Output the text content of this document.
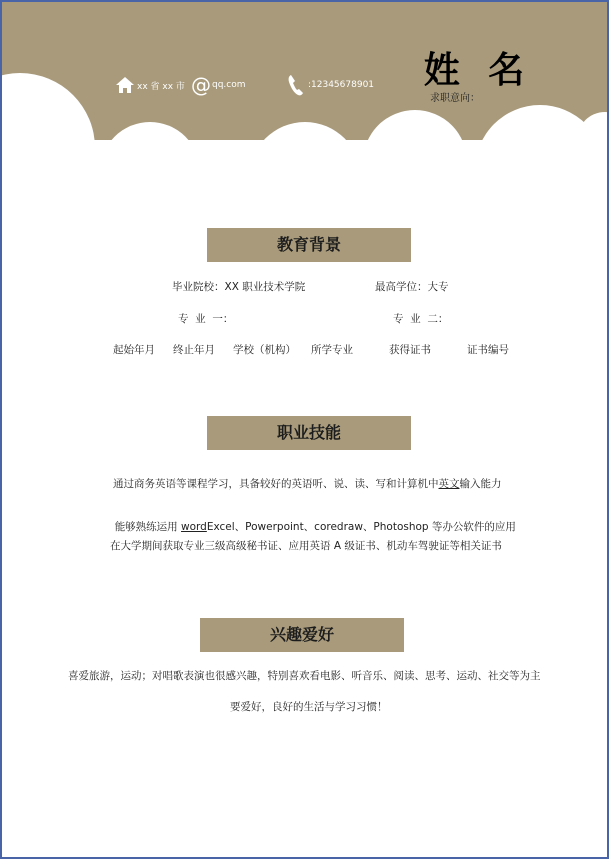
xx 省 xx 市 @ qq.com	:12345678901 姓 名
求职意向：
教育背景
毕业院校：XX 职业技术学院	最高学位：大专
专  业  一：	专  业  二：
起始年月 终止年月 学校（机构） 所学专业	获得证书	证书编号
职业技能
通过商务英语等课程学习，具备较好的英语听、说、读、写和计算机中英文输入能力

能够熟练运用 wordExcel、Powerpoint、coredraw、Photoshop 等办公软件的应用

在大学期间获取专业三级高级秘书证、应用英语 A 级证书、机动车驾驶证等相关证书
兴趣爱好
喜爱旅游，运动；对唱歌表演也很感兴趣，特别喜欢看电影、听音乐、阅读、思考、运动、社交等为主
要爱好，良好的生活与学习习惯！
